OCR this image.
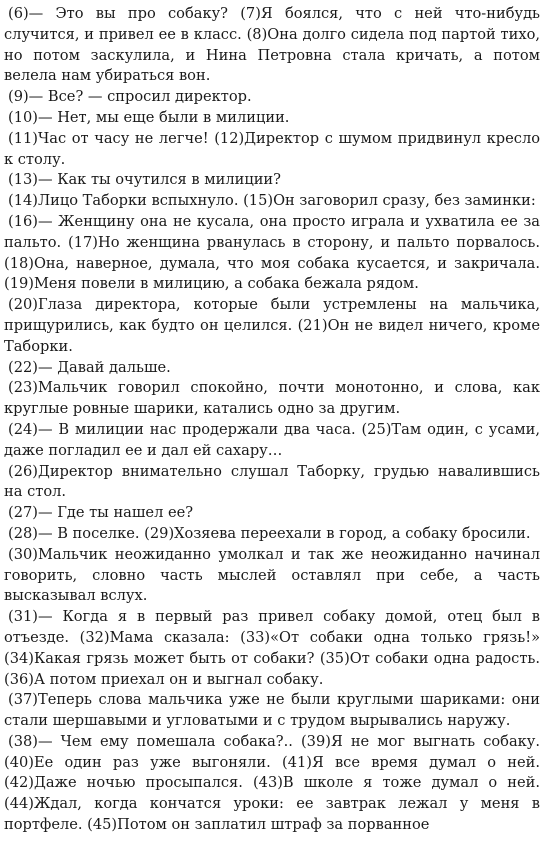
(6)— Это вы про собаку? (7)Я боялся, что с ней что-нибудь случится, и привел ее в класс. (8)Она долго сидела под партой тихо, но потом заскулила, и Нина Петровна стала кричать, а потом велела нам убираться вон.

(9)— Все? — спросил директор.

(10)— Нет, мы еще были в милиции.

(11)Час от часу не легче! (12)Директор с шумом придвинул кресло к столу.

(13)— Как ты очутился в милиции?

(14)Лицо Таборки вспыхнуло. (15)Он заговорил сразу, без заминки:

(16)— Женщину она не кусала, она просто играла и ухватила ее за пальто. (17)Но женщина рванулась в сторону, и пальто порвалось. (18)Она, наверное, думала, что моя собака кусается, и закричала. (19)Меня повели в милицию, а собака бежала рядом.

(20)Глаза директора, которые были устремлены на мальчика, прищурились, как будто он целился. (21)Он не видел ничего, кроме Таборки.

(22)— Давай дальше.

(23)Мальчик говорил спокойно, почти монотонно, и слова, как круглые ровные шарики, катались одно за другим.

(24)— В милиции нас продержали два часа. (25)Там один, с усами, даже погладил ее и дал ей сахару…

(26)Директор внимательно слушал Таборку, грудью навалившись на стол.

(27)— Где ты нашел ее?

(28)— В поселке. (29)Хозяева переехали в город, а собаку бросили.

(30)Мальчик неожиданно умолкал и так же неожиданно начинал говорить, словно часть мыслей оставлял при себе, а часть высказывал вслух.

(31)— Когда я в первый раз привел собаку домой, отец был в отъезде. (32)Мама сказала: (33)«От собаки одна только грязь!» (34)Какая грязь может быть от собаки? (35)От собаки одна радость. (36)А потом приехал он и выгнал собаку.

(37)Теперь слова мальчика уже не были круглыми шариками: они стали шершавыми и угловатыми и с трудом вырывались наружу.

(38)— Чем ему помешала собака?.. (39)Я не мог выгнать собаку. (40)Ее один раз уже выгоняли. (41)Я все время думал о ней. (42)Даже ночью просыпался. (43)В школе я тоже думал о ней. (44)Ждал, когда кончатся уроки: ее завтрак лежал у меня в портфеле. (45)Потом он заплатил штраф за порванное
